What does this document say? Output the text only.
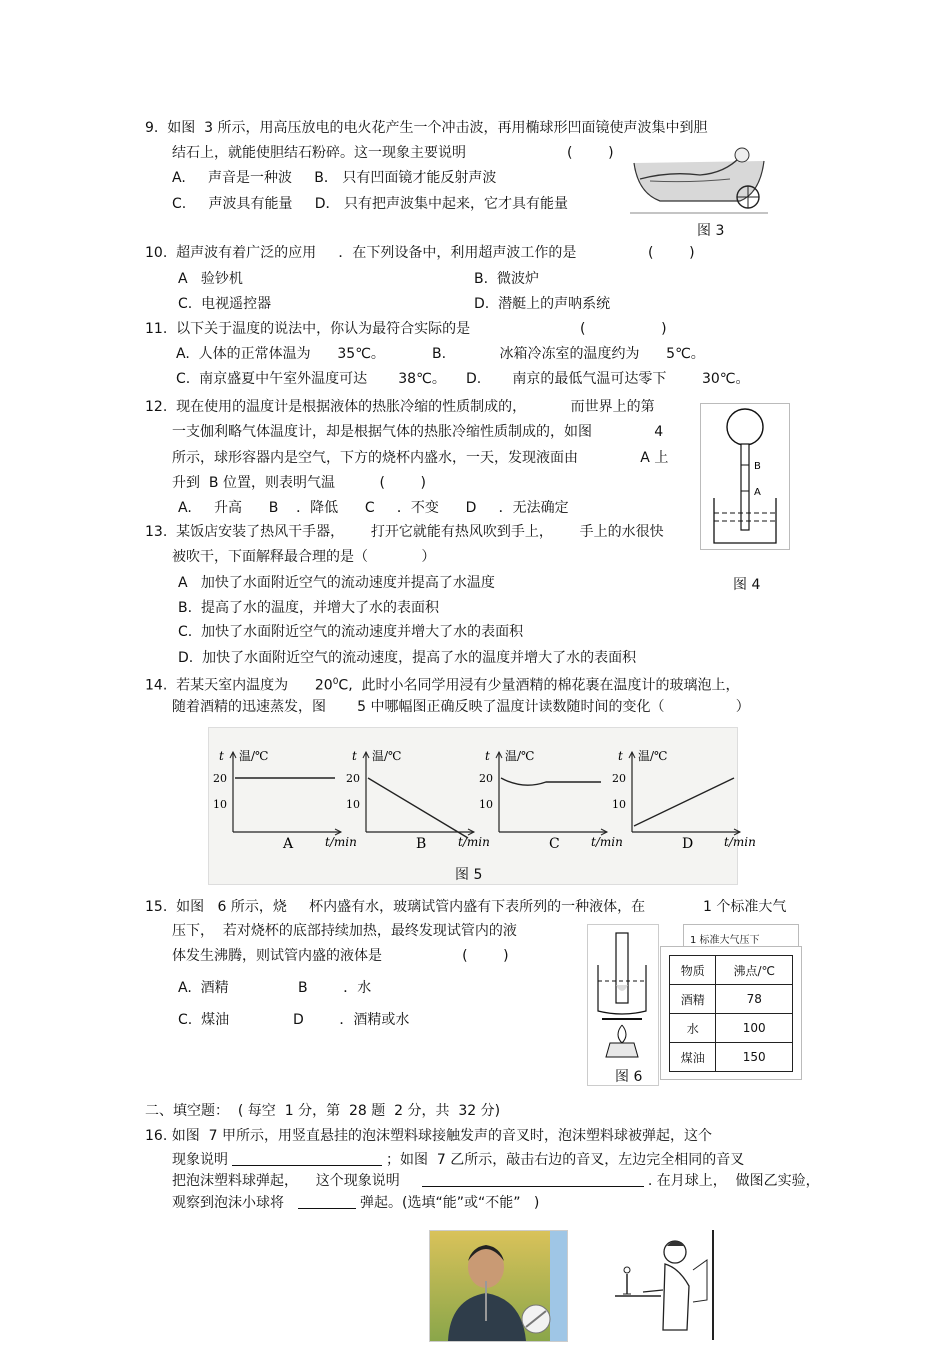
9.  如图  3 所示，用高压放电的电火花产生一个冲击波，再用椭球形凹面镜使声波集中到胆
结石上，就能使胆结石粉碎。这一现象主要说明	(        )
A.     声音是一种波     B． 只有凹面镜才能反射声波
C.     声波具有能量     D． 只有把声波集中起来，它才具有能量
图 3
10.  超声波有着广泛的应用     ．在下列设备中，利用超声波工作的是	(        )
A   验钞机	B.  微波炉
C.  电视遥控器	D.  潜艇上的声呐系统
11.  以下关于温度的说法中，你认为最符合实际的是	(                 )
A.  人体的正常体温为      35℃。	B.            冰箱冷冻室的温度约为      5℃。
C.  南京盛夏中午室外温度可达       38℃。 D.       南京的最低气温可达零下        30℃。
12.  现在使用的温度计是根据液体的热胀冷缩的性质制成的，          而世界上的第
一支伽利略气体温度计，却是根据气体的热胀冷缩性质制成的，如图              4
所示，球形容器内是空气，下方的烧杯内盛水，一天，发现液面由              A 上
升到  B 位置，则表明气温          (        )
A.     升高      B    ．降低      C     ．不变      D     ．无法确定
B
A
13.  某饭店安装了热风干手器，      打开它就能有热风吹到手上，      手上的水很快
被吹干，下面解释最合理的是（            ）
A   加快了水面附近空气的流动速度并提高了水温度	图 4
B.  提高了水的温度，并增大了水的表面积
C.  加快了水面附近空气的流动速度并增大了水的表面积
D.  加快了水面附近空气的流动速度，提高了水的温度并增大了水的表面积
14.  若某天室内温度为      $20^0C$,  此时小名同学用浸有少量酒精的棉花裹在温度计的玻璃泡上，
随着酒精的迅速蒸发，图       5 中哪幅图正确反映了温度计读数随时间的变化（                ）
t 温/℃
20
10
t/min
A
t 温/℃
20
10
t/min
B
t 温/℃
20
10
t/min
C
t 温/℃
20
10
t/min
D
图 5
15.  如图   6 所示，烧     杯内盛有水，玻璃试管内盛有下表所列的一种液体，在             1 个标准大气
压下，  若对烧杯的底部持续加热，最终发现试管内的液
体发生沸腾，则试管内盛的液体是                  (        )
A.  酒精	B        ．水
C.  煤油	D        ．酒精或水
图 6
1 标准大气压下
物质	沸点/℃
酒精	78
水	100
煤油	150
二、填空题：  ( 每空  1 分，第  28 题  2 分，共  32 分)
16. 如图  7 甲所示，用竖直悬挂的泡沫塑料球接触发声的音叉时，泡沫塑料球被弹起，这个
现象说明	；如图  7 乙所示，敲击右边的音叉，左边完全相同的音叉
把泡沫塑料球弹起，    这个现象说明	. 在月球上，  做图乙实验，
观察到泡沫小球将	弹起。(选填“能”或“不能”   )
